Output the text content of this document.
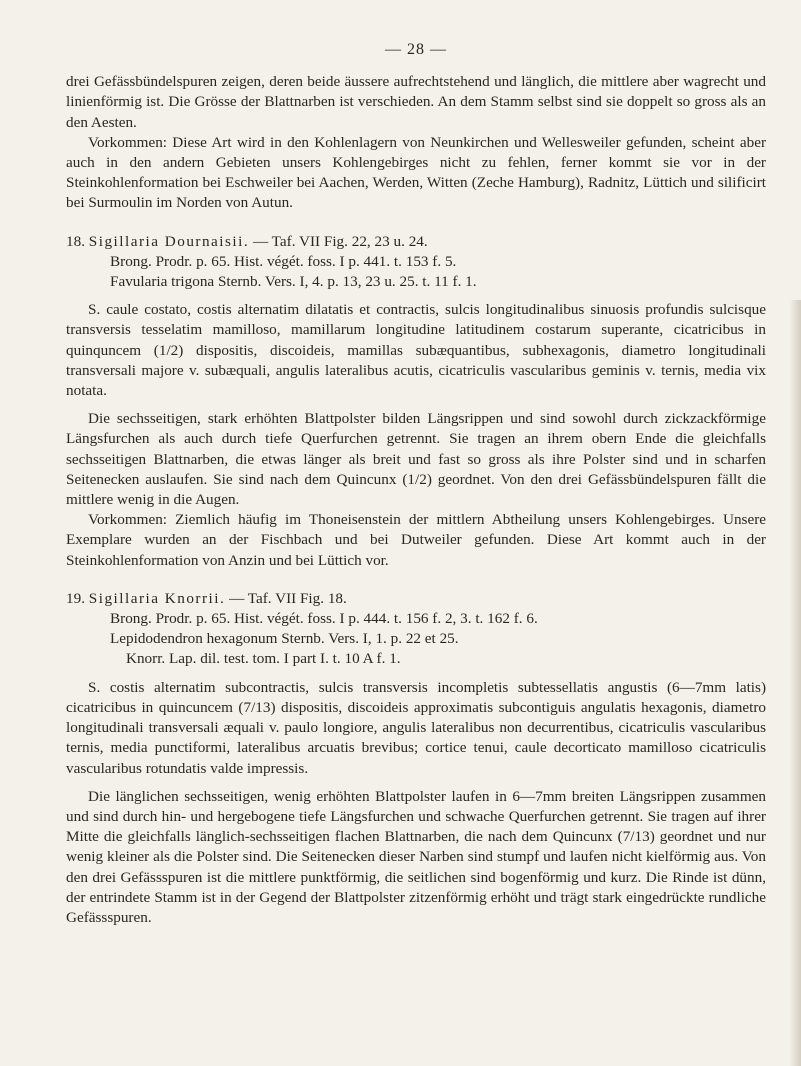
— 28 —

drei Gefässbündelspuren zeigen, deren beide äussere aufrechtstehend und länglich, die mittlere aber wagrecht und linienförmig ist. Die Grösse der Blattnarben ist verschieden. An dem Stamm selbst sind sie doppelt so gross als an den Aesten.

Vorkommen: Diese Art wird in den Kohlenlagern von Neunkirchen und Wellesweiler gefunden, scheint aber auch in den andern Gebieten unsers Kohlengebirges nicht zu fehlen, ferner kommt sie vor in der Steinkohlenformation bei Eschweiler bei Aachen, Werden, Witten (Zeche Hamburg), Radnitz, Lüttich und silificirt bei Surmoulin im Norden von Autun.

18. Sigillaria Dournaisii. — Taf. VII Fig. 22, 23 u. 24.

Brong. Prodr. p. 65. Hist. végét. foss. I p. 441. t. 153 f. 5.

Favularia trigona Sternb. Vers. I, 4. p. 13, 23 u. 25. t. 11 f. 1.

S. caule costato, costis alternatim dilatatis et contractis, sulcis longitudinalibus sinuosis profundis sulcisque transversis tesselatim mamilloso, mamillarum longitudine latitudinem costarum superante, cicatricibus in quinquncem (1/2) dispositis, discoideis, mamillas subæquantibus, subhexagonis, diametro longitudinali transversali majore v. subæquali, angulis lateralibus acutis, cicatriculis vascularibus geminis v. ternis, media vix notata.

Die sechsseitigen, stark erhöhten Blattpolster bilden Längsrippen und sind sowohl durch zickzackförmige Längsfurchen als auch durch tiefe Querfurchen getrennt. Sie tragen an ihrem obern Ende die gleichfalls sechsseitigen Blattnarben, die etwas länger als breit und fast so gross als ihre Polster sind und in scharfen Seitenecken auslaufen. Sie sind nach dem Quincunx (1/2) geordnet. Von den drei Gefässbündelspuren fällt die mittlere wenig in die Augen.

Vorkommen: Ziemlich häufig im Thoneisenstein der mittlern Abtheilung unsers Kohlengebirges. Unsere Exemplare wurden an der Fischbach und bei Dutweiler gefunden. Diese Art kommt auch in der Steinkohlenformation von Anzin und bei Lüttich vor.

19. Sigillaria Knorrii. — Taf. VII Fig. 18.

Brong. Prodr. p. 65. Hist. végét. foss. I p. 444. t. 156 f. 2, 3. t. 162 f. 6.

Lepidodendron hexagonum Sternb. Vers. I, 1. p. 22 et 25.

Knorr. Lap. dil. test. tom. I part I. t. 10 A f. 1.

S. costis alternatim subcontractis, sulcis transversis incompletis subtessellatis angustis (6—7mm latis) cicatricibus in quincuncem (7/13) dispositis, discoideis approximatis subcontiguis angulatis hexagonis, diametro longitudinali transversali æquali v. paulo longiore, angulis lateralibus non decurrentibus, cicatriculis vascularibus ternis, media punctiformi, lateralibus arcuatis brevibus; cortice tenui, caule decorticato mamilloso cicatriculis vascularibus rotundatis valde impressis.

Die länglichen sechsseitigen, wenig erhöhten Blattpolster laufen in 6—7mm breiten Längsrippen zusammen und sind durch hin- und hergebogene tiefe Längsfurchen und schwache Querfurchen getrennt. Sie tragen auf ihrer Mitte die gleichfalls länglich-sechsseitigen flachen Blattnarben, die nach dem Quincunx (7/13) geordnet und nur wenig kleiner als die Polster sind. Die Seitenecken dieser Narben sind stumpf und laufen nicht kielförmig aus. Von den drei Gefässspuren ist die mittlere punktförmig, die seitlichen sind bogenförmig und kurz. Die Rinde ist dünn, der entrindete Stamm ist in der Gegend der Blattpolster zitzenförmig erhöht und trägt stark eingedrückte rundliche Gefässspuren.
